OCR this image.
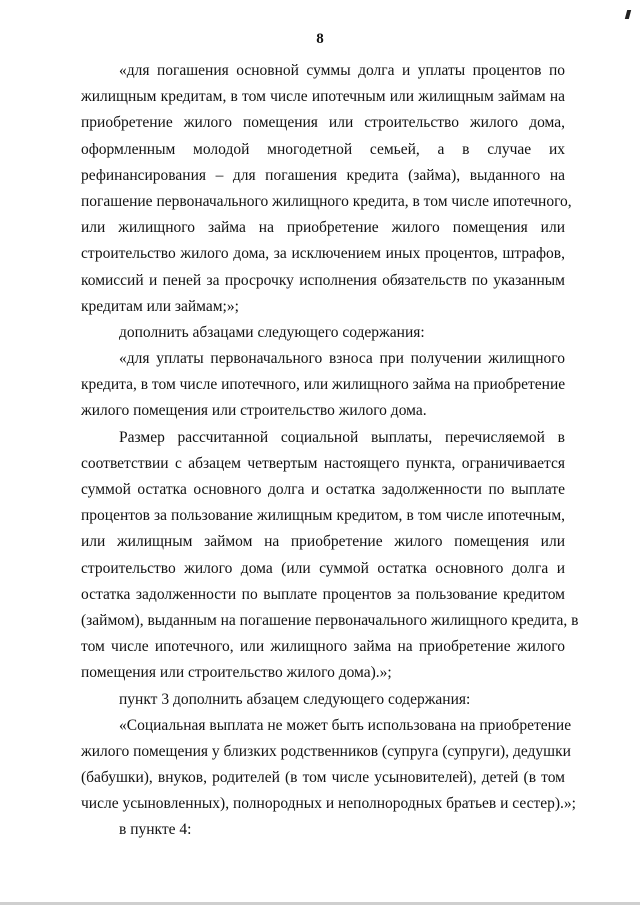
8
«для погашения основной суммы долга и уплаты процентов по
жилищным кредитам, в том числе ипотечным или жилищным займам на
приобретение жилого помещения или строительство жилого дома,
оформленным молодой многодетной семьей, а в случае их
рефинансирования – для погашения кредита (займа), выданного на
погашение первоначального жилищного кредита, в том числе ипотечного,
или жилищного займа на приобретение жилого помещения или
строительство жилого дома, за исключением иных процентов, штрафов,
комиссий и пеней за просрочку исполнения обязательств по указанным
кредитам или займам;»;
дополнить абзацами следующего содержания:
«для уплаты первоначального взноса при получении жилищного
кредита, в том числе ипотечного, или жилищного займа на приобретение
жилого помещения или строительство жилого дома.
Размер рассчитанной социальной выплаты, перечисляемой в
соответствии с абзацем четвертым настоящего пункта, ограничивается
суммой остатка основного долга и остатка задолженности по выплате
процентов за пользование жилищным кредитом, в том числе ипотечным,
или жилищным займом на приобретение жилого помещения или
строительство жилого дома (или суммой остатка основного долга и
остатка задолженности по выплате процентов за пользование кредитом
(займом), выданным на погашение первоначального жилищного кредита, в
том числе ипотечного, или жилищного займа на приобретение жилого
помещения или строительство жилого дома).»;
пункт 3 дополнить абзацем следующего содержания:
«Социальная выплата не может быть использована на приобретение
жилого помещения у близких родственников (супруга (супруги), дедушки
(бабушки), внуков, родителей (в том числе усыновителей), детей (в том
числе усыновленных), полнородных и неполнородных братьев и сестер).»;
в пункте 4:
